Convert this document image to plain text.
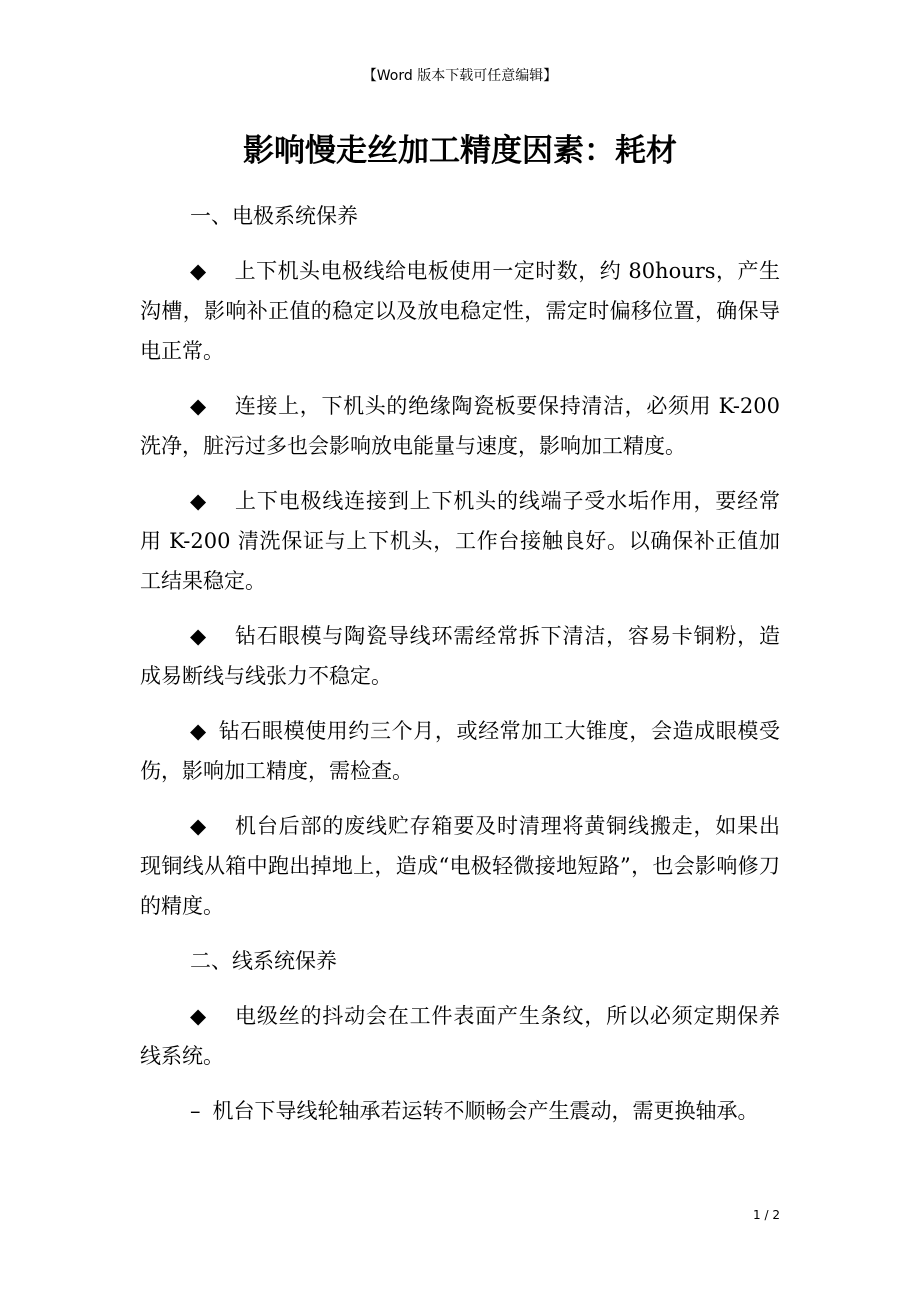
【Word 版本下载可任意编辑】
影响慢走丝加工精度因素：耗材

一、电极系统保养

◆ 上下机头电极线给电板使用一定时数，约 80hours，产生沟槽，影响补正值的稳定以及放电稳定性，需定时偏移位置，确保导电正常。

◆ 连接上，下机头的绝缘陶瓷板要保持清洁，必须用 K-200 洗净，脏污过多也会影响放电能量与速度，影响加工精度。

◆ 上下电极线连接到上下机头的线端子受水垢作用，要经常用 K-200 清洗保证与上下机头，工作台接触良好。以确保补正值加工结果稳定。

◆ 钻石眼模与陶瓷导线环需经常拆下清洁，容易卡铜粉，造成易断线与线张力不稳定。

◆ 钻石眼模使用约三个月，或经常加工大锥度，会造成眼模受伤，影响加工精度，需检查。

◆ 机台后部的废线贮存箱要及时清理将黄铜线搬走，如果出现铜线从箱中跑出掉地上，造成“电极轻微接地短路”，也会影响修刀的精度。

二、线系统保养

◆ 电级丝的抖动会在工件表面产生条纹，所以必须定期保养线系统。

– 机台下导线轮轴承若运转不顺畅会产生震动，需更换轴承。

1 / 2
